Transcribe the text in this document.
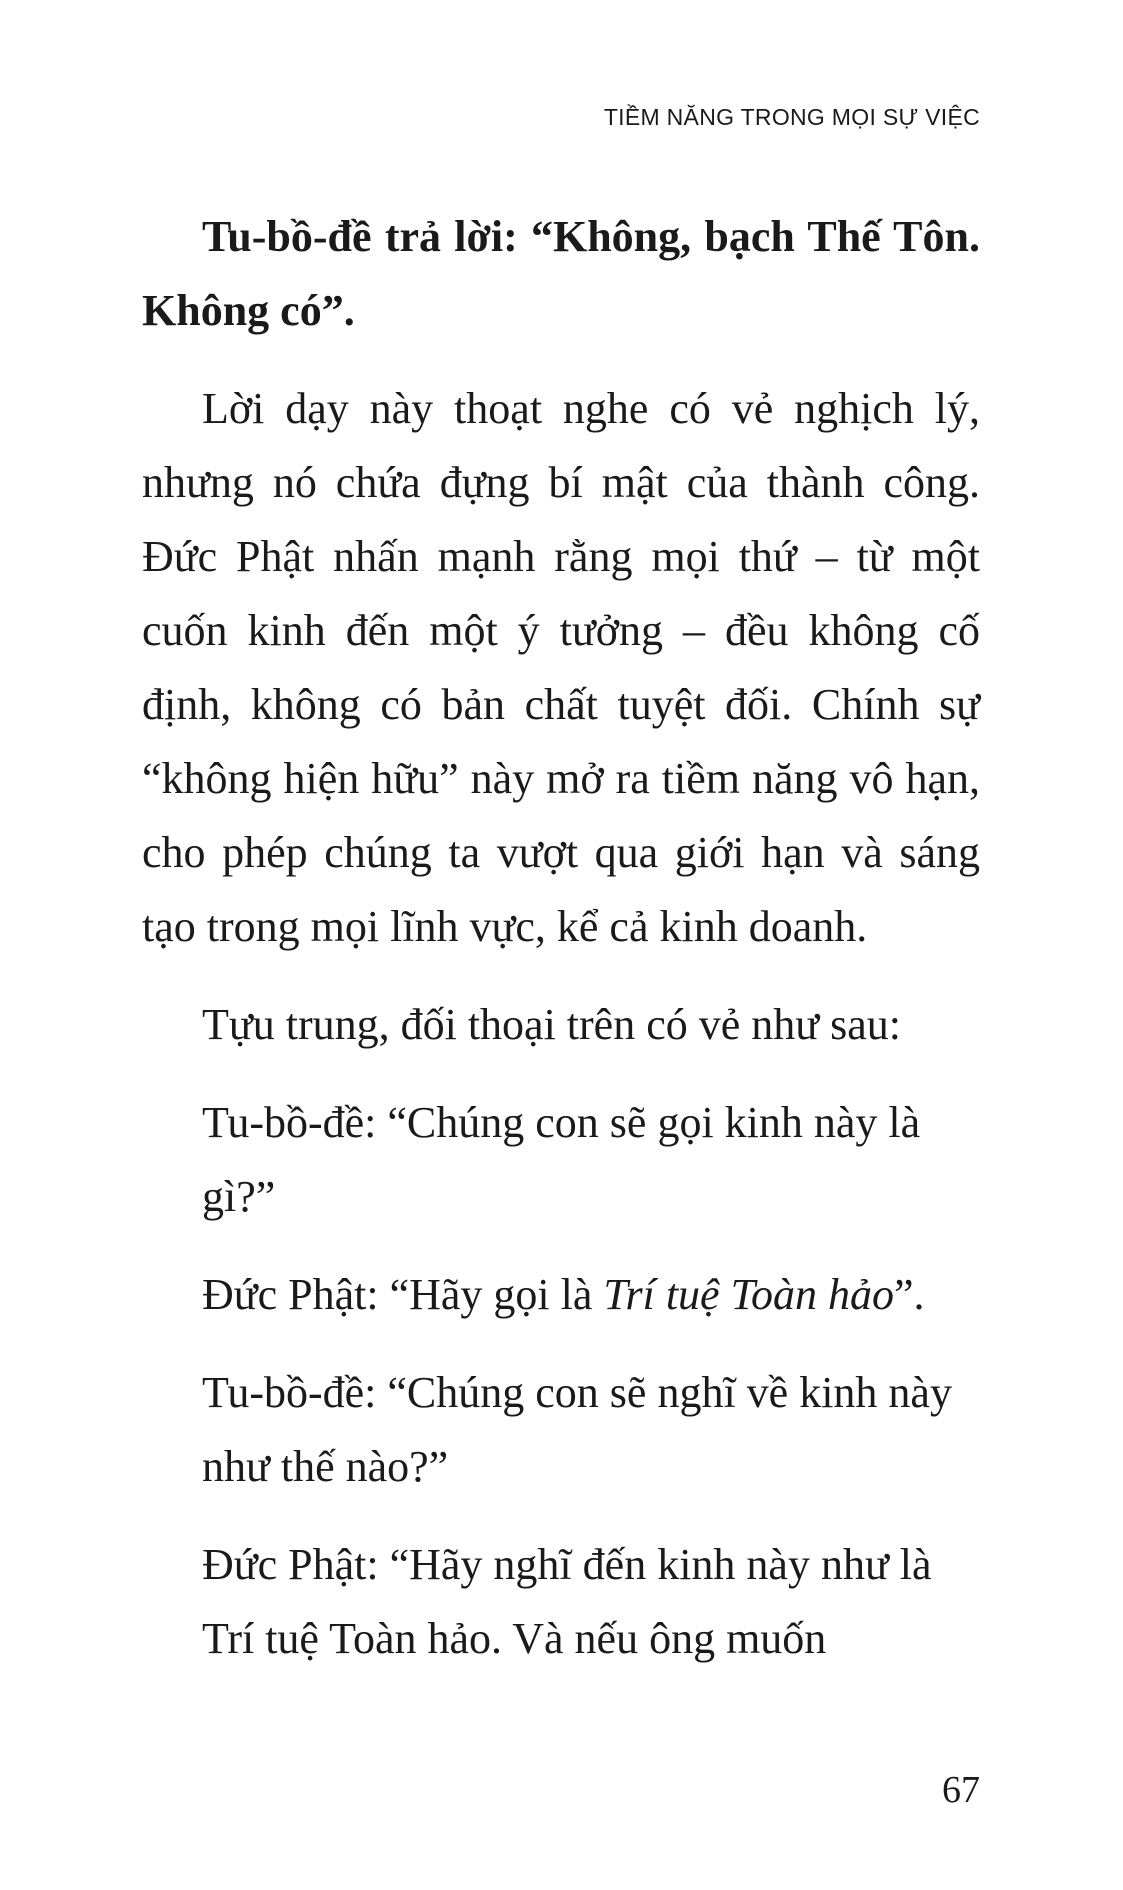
TIỀM NĂNG TRONG MỌI SỰ VIỆC

Tu-bồ-đề trả lời: “Không, bạch Thế Tôn. Không có”.

Lời dạy này thoạt nghe có vẻ nghịch lý, nhưng nó chứa đựng bí mật của thành công. Đức Phật nhấn mạnh rằng mọi thứ – từ một cuốn kinh đến một ý tưởng – đều không cố định, không có bản chất tuyệt đối. Chính sự “không hiện hữu” này mở ra tiềm năng vô hạn, cho phép chúng ta vượt qua giới hạn và sáng tạo trong mọi lĩnh vực, kể cả kinh doanh.

Tựu trung, đối thoại trên có vẻ như sau:

Tu-bồ-đề: “Chúng con sẽ gọi kinh này là gì?”

Đức Phật: “Hãy gọi là Trí tuệ Toàn hảo”.

Tu-bồ-đề: “Chúng con sẽ nghĩ về kinh này như thế nào?”

Đức Phật: “Hãy nghĩ đến kinh này như là Trí tuệ Toàn hảo. Và nếu ông muốn

67
